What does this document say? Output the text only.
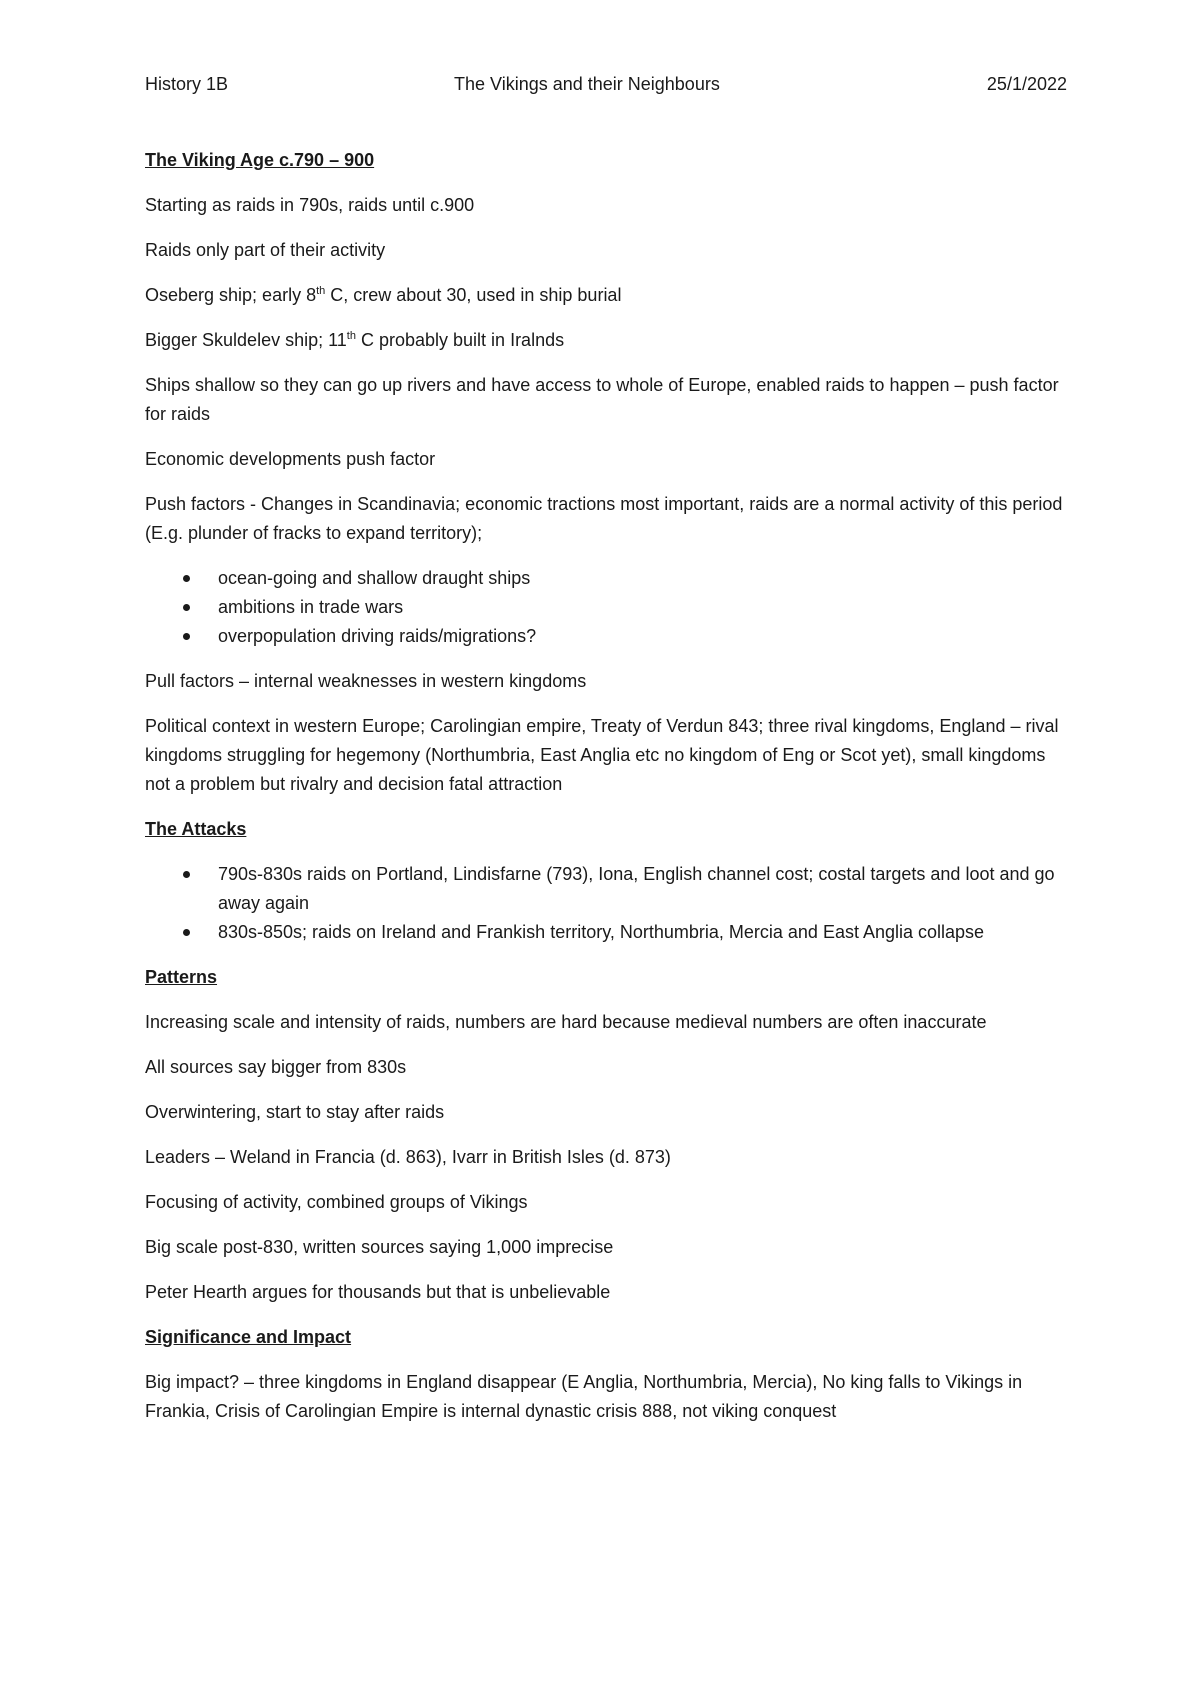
History 1B	The Vikings and their Neighbours	25/1/2022

The Viking Age c.790 – 900

Starting as raids in 790s, raids until c.900

Raids only part of their activity

Oseberg ship; early 8th C, crew about 30, used in ship burial

Bigger Skuldelev ship; 11th C probably built in Iralnds

Ships shallow so they can go up rivers and have access to whole of Europe, enabled raids to happen – push factor for raids

Economic developments push factor

Push factors - Changes in Scandinavia; economic tractions most important, raids are a normal activity of this period (E.g. plunder of fracks to expand territory);

ocean-going and shallow draught ships
ambitions in trade wars
overpopulation driving raids/migrations?

Pull factors – internal weaknesses in western kingdoms

Political context in western Europe; Carolingian empire, Treaty of Verdun 843; three rival kingdoms, England – rival kingdoms struggling for hegemony (Northumbria, East Anglia etc no kingdom of Eng or Scot yet), small kingdoms not a problem but rivalry and decision fatal attraction

The Attacks

790s-830s raids on Portland, Lindisfarne (793), Iona, English channel cost; costal targets and loot and go away again
830s-850s; raids on Ireland and Frankish territory, Northumbria, Mercia and East Anglia collapse

Patterns

Increasing scale and intensity of raids, numbers are hard because medieval numbers are often inaccurate

All sources say bigger from 830s

Overwintering, start to stay after raids

Leaders – Weland in Francia (d. 863), Ivarr in British Isles (d. 873)

Focusing of activity, combined groups of Vikings

Big scale post-830, written sources saying 1,000 imprecise

Peter Hearth argues for thousands but that is unbelievable

Significance and Impact

Big impact? – three kingdoms in England disappear (E Anglia, Northumbria, Mercia), No king falls to Vikings in Frankia, Crisis of Carolingian Empire is internal dynastic crisis 888, not viking conquest
